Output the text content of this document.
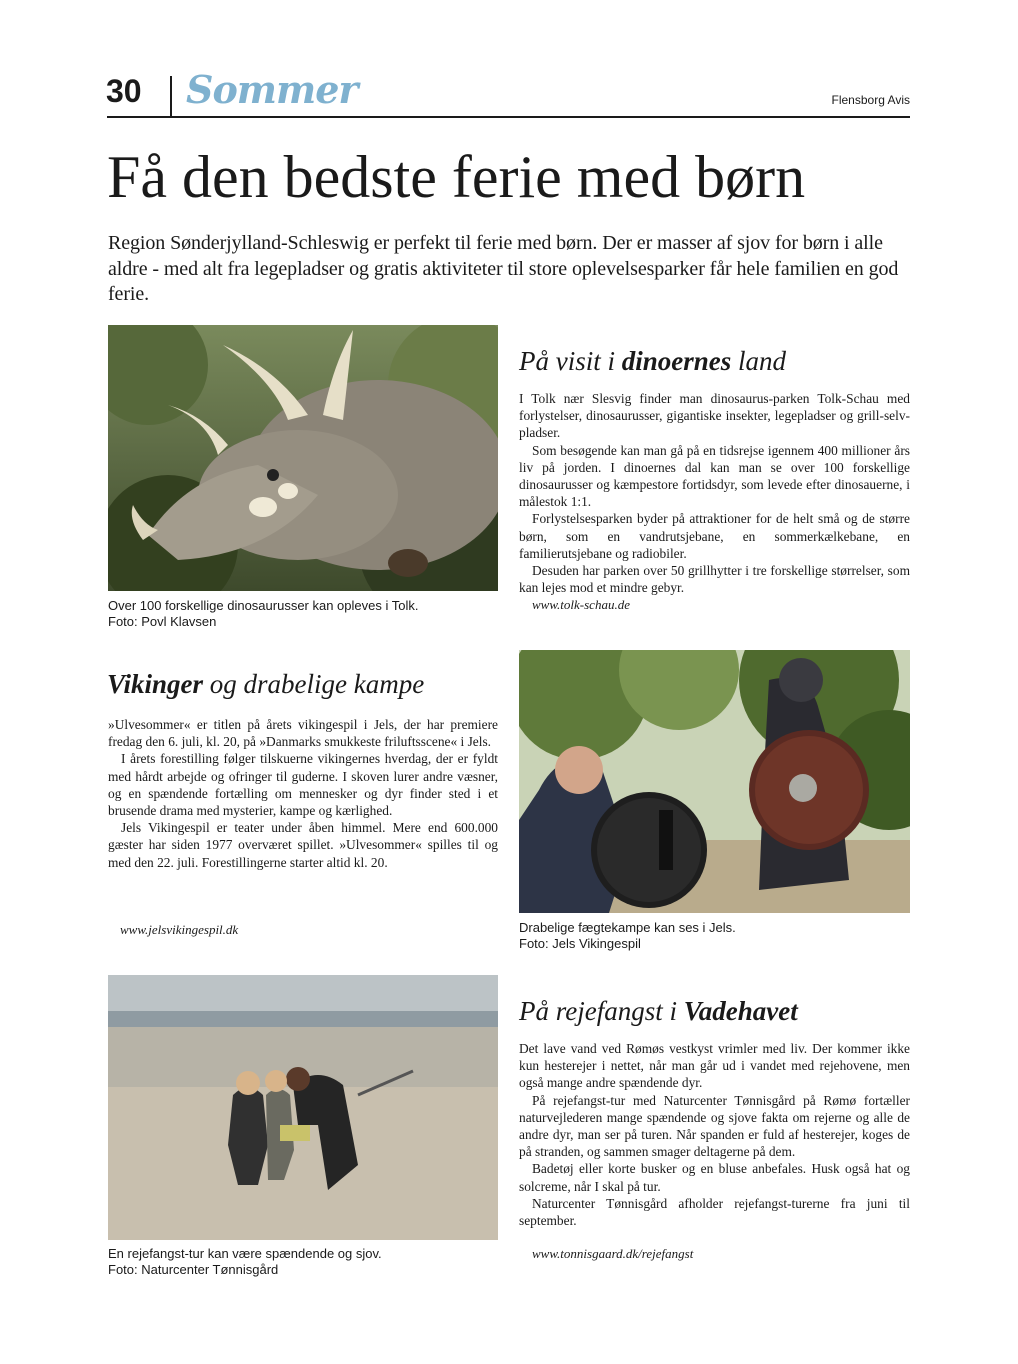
30 Sommer	Flensborg Avis
Få den bedste ferie med børn
Region Sønderjylland-Schleswig er perfekt til ferie med børn. Der er masser af sjov for børn i alle aldre - med alt fra legepladser og gratis aktiviteter til store oplevelsesparker får hele familien en god ferie.
Over 100 forskellige dinosaurusser kan opleves i Tolk.
Foto: Povl Klavsen
På visit i dinoernes land

I Tolk nær Slesvig finder man dinosaurus-parken Tolk-Schau med forlystelser, dinosaurusser, gigantiske insekter, legepladser og grill-selv-pladser.

Som besøgende kan man gå på en tidsrejse igennem 400 millioner års liv på jorden. I dinoernes dal kan man se over 100 forskellige dinosaurusser og kæmpestore fortidsdyr, som levede efter dinosauerne, i målestok 1:1.

Forlystelsesparken byder på attraktioner for de helt små og de større børn, som en vandrutsjebane, en sommerkælkebane, en familierutsjebane og radiobiler.

Desuden har parken over 50 grillhytter i tre forskellige størrelser, som kan lejes mod et mindre gebyr.

www.tolk-schau.de
Vikinger og drabelige kampe

»Ulvesommer« er titlen på årets vikingespil i Jels, der har premiere fredag den 6. juli, kl. 20, på »Danmarks smukkeste friluftsscene« i Jels.

I årets forestilling følger tilskuerne vikingernes hverdag, der er fyldt med hårdt arbejde og ofringer til guderne. I skoven lurer andre væsner, og en spændende fortælling om mennesker og dyr finder sted i et brusende drama med mysterier, kampe og kærlighed.

Jels Vikingespil er teater under åben himmel. Mere end 600.000 gæster har siden 1977 overværet spillet. »Ulvesommer« spilles til og med den 22. juli. Forestillingerne starter altid kl. 20.

www.jelsvikingespil.dk	Drabelige fægtekampe kan ses i Jels.
Foto: Jels Vikingespil
En rejefangst-tur kan være spændende og sjov.
Foto: Naturcenter Tønnisgård
På rejefangst i Vadehavet

Det lave vand ved Rømøs vestkyst vrimler med liv. Der kommer ikke kun hesterejer i nettet, når man går ud i vandet med rejehovene, men også mange andre spændende dyr.

På rejefangst-tur med Naturcenter Tønnisgård på Rømø fortæller naturvejlederen mange spændende og sjove fakta om rejerne og alle de andre dyr, man ser på turen. Når spanden er fuld af hesterejer, koges de på stranden, og sammen smager deltagerne på dem.

Badetøj eller korte busker og en bluse anbefales. Husk også hat og solcreme, når I skal på tur.

Naturcenter Tønnisgård afholder rejefangst-turerne fra juni til september.

www.tonnisgaard.dk/rejefangst
